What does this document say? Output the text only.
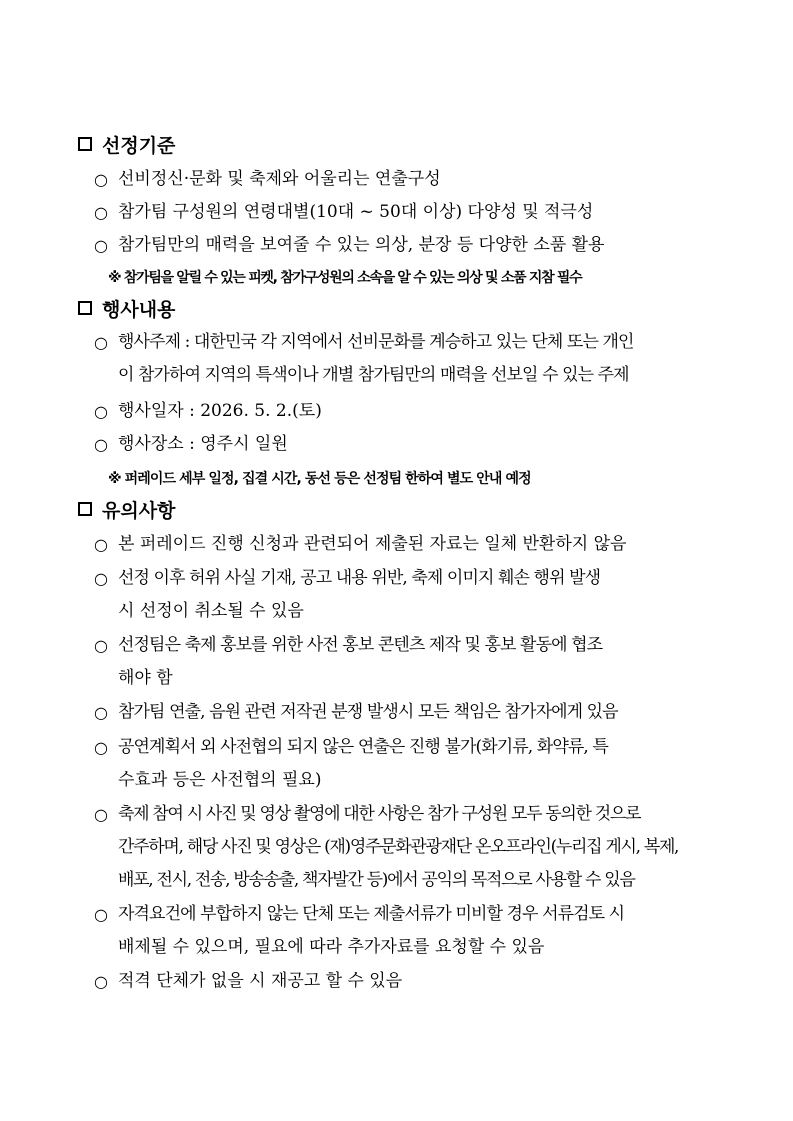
선정기준
○ 선비정신·문화 및 축제와 어울리는 연출구성
○ 참가팀 구성원의 연령대별(10대 ~ 50대 이상) 다양성 및 적극성
○ 참가팀만의 매력을 보여줄 수 있는 의상, 분장 등 다양한 소품 활용
※ 참가팀을 알릴 수 있는 피켓, 참가구성원의 소속을 알 수 있는 의상 및 소품 지참 필수
행사내용
○ 행사주제 : 대한민국 각 지역에서 선비문화를 계승하고 있는 단체 또는 개인
이 참가하여 지역의 특색이나 개별 참가팀만의 매력을 선보일 수 있는 주제
○ 행사일자 : 2026. 5. 2.(토)
○ 행사장소 : 영주시 일원
※ 퍼레이드 세부 일정, 집결 시간, 동선 등은 선정팀 한하여 별도 안내 예정
유의사항
○ 본 퍼레이드 진행 신청과 관련되어 제출된 자료는 일체 반환하지 않음
○ 선정 이후 허위 사실 기재, 공고 내용 위반, 축제 이미지 훼손 행위 발생
시 선정이 취소될 수 있음
○ 선정팀은 축제 홍보를 위한 사전 홍보 콘텐츠 제작 및 홍보 활동에 협조
해야 함
○ 참가팀 연출, 음원 관련 저작권 분쟁 발생시 모든 책임은 참가자에게 있음
○ 공연계획서 외 사전협의 되지 않은 연출은 진행 불가(화기류, 화약류, 특
수효과 등은 사전협의 필요)
○ 축제 참여 시 사진 및 영상 촬영에 대한 사항은 참가 구성원 모두 동의한 것으로
간주하며, 해당 사진 및 영상은 (재)영주문화관광재단 온오프라인(누리집 게시, 복제,
배포, 전시, 전송, 방송송출, 책자발간 등)에서 공익의 목적으로 사용할 수 있음
○ 자격요건에 부합하지 않는 단체 또는 제출서류가 미비할 경우 서류검토 시
배제될 수 있으며, 필요에 따라 추가자료를 요청할 수 있음
○ 적격 단체가 없을 시 재공고 할 수 있음
